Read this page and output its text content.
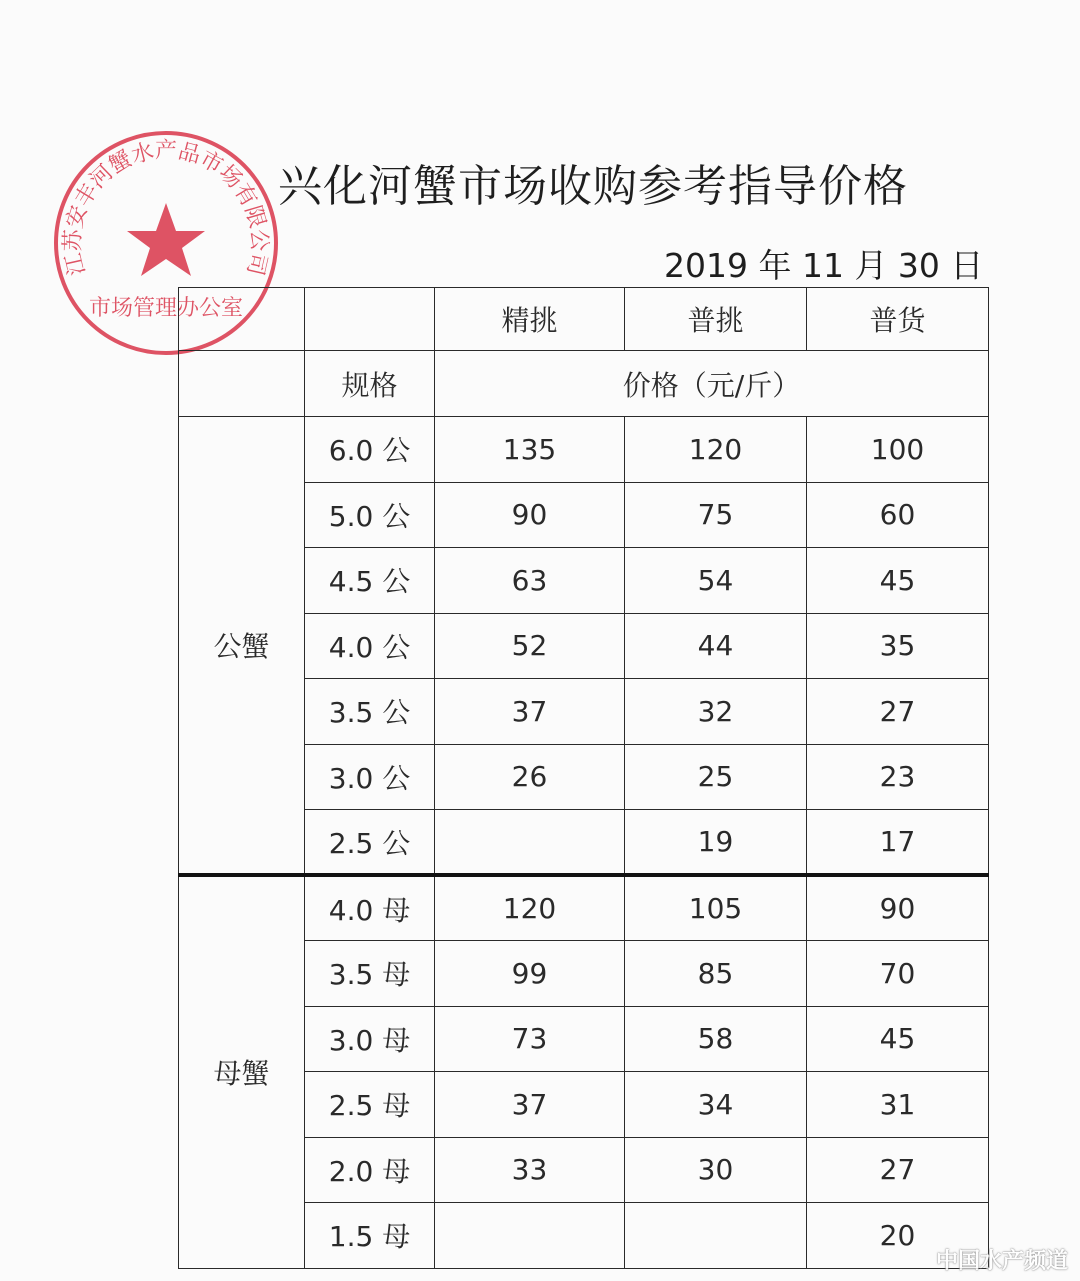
江苏安丰河蟹水产品市场有限公司
市场管理办公室
兴化河蟹市场收购参考指导价格
2019 年 11 月 30 日
		精挑	普挑	普货
	规格	价格（元/斤）		
公蟹	6.0 公	135	120	100
	5.0 公	90	75	60
	4.5 公	63	54	45
	4.0 公	52	44	35
	3.5 公	37	32	27
	3.0 公	26	25	23
	2.5 公		19	17
母蟹	4.0 母	120	105	90
	3.5 母	99	85	70
	3.0 母	73	58	45
	2.5 母	37	34	31
	2.0 母	33	30	27
	1.5 母			20
中国水产频道
